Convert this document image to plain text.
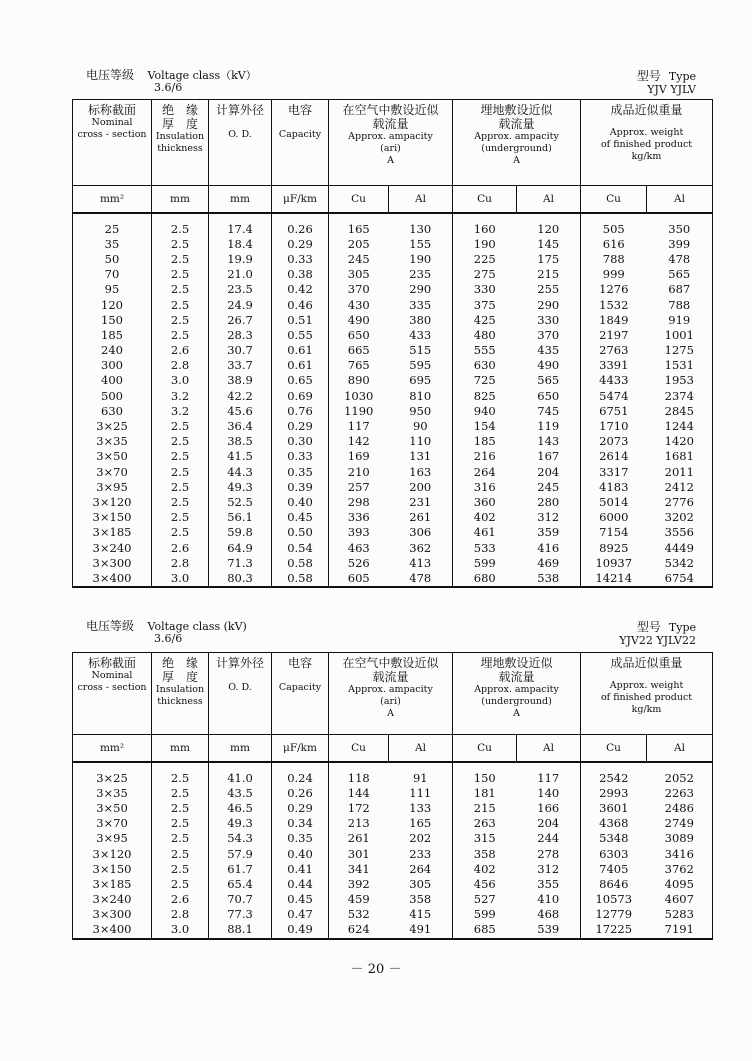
电压等级 Voltage class（kV）
3.6/6
型号 Type
YJV YJLV
标称截面
Nominal
cross - section	绝　缘
厚　度
Insulation
thickness	计算外径

O. D.	电容

Capacity	在空气中敷设近似
载流量
Approx. ampacity
(ari)
A		埋地敷设近似
载流量
Approx. ampacity
(underground)
A		成品近似重量
Approx. weight
of finished product
kg/km	

mm²	mm	mm	μF/km	Cu	Al	Cu	Al	Cu	Al
25	2.5	17.4	0.26	165	130	160	120	505	350
35	2.5	18.4	0.29	205	155	190	145	616	399
50	2.5	19.9	0.33	245	190	225	175	788	478
70	2.5	21.0	0.38	305	235	275	215	999	565
95	2.5	23.5	0.42	370	290	330	255	1276	687
120	2.5	24.9	0.46	430	335	375	290	1532	788
150	2.5	26.7	0.51	490	380	425	330	1849	919
185	2.5	28.3	0.55	650	433	480	370	2197	1001
240	2.6	30.7	0.61	665	515	555	435	2763	1275
300	2.8	33.7	0.61	765	595	630	490	3391	1531
400	3.0	38.9	0.65	890	695	725	565	4433	1953
500	3.2	42.2	0.69	1030	810	825	650	5474	2374
630	3.2	45.6	0.76	1190	950	940	745	6751	2845
3×25	2.5	36.4	0.29	117	90	154	119	1710	1244
3×35	2.5	38.5	0.30	142	110	185	143	2073	1420
3×50	2.5	41.5	0.33	169	131	216	167	2614	1681
3×70	2.5	44.3	0.35	210	163	264	204	3317	2011
3×95	2.5	49.3	0.39	257	200	316	245	4183	2412
3×120	2.5	52.5	0.40	298	231	360	280	5014	2776
3×150	2.5	56.1	0.45	336	261	402	312	6000	3202
3×185	2.5	59.8	0.50	393	306	461	359	7154	3556
3×240	2.6	64.9	0.54	463	362	533	416	8925	4449
3×300	2.8	71.3	0.58	526	413	599	469	10937	5342
3×400	3.0	80.3	0.58	605	478	680	538	14214	6754
电压等级 Voltage class (kV)
3.6/6
型号 Type
YJV22 YJLV22
标称截面
Nominal
cross - section	绝　缘
厚　度
Insulation
thickness	计算外径

O. D.	电容

Capacity	在空气中敷设近似
载流量
Approx. ampacity
(ari)
A		埋地敷设近似
载流量
Approx. ampacity
(underground)
A		成品近似重量
Approx. weight
of finished product
kg/km	
mm²	mm	mm	μF/km	Cu	Al	Cu	Al	Cu	Al
3×25	2.5	41.0	0.24	118	91	150	117	2542	2052
3×35	2.5	43.5	0.26	144	111	181	140	2993	2263
3×50	2.5	46.5	0.29	172	133	215	166	3601	2486
3×70	2.5	49.3	0.34	213	165	263	204	4368	2749
3×95	2.5	54.3	0.35	261	202	315	244	5348	3089
3×120	2.5	57.9	0.40	301	233	358	278	6303	3416
3×150	2.5	61.7	0.41	341	264	402	312	7405	3762
3×185	2.5	65.4	0.44	392	305	456	355	8646	4095
3×240	2.6	70.7	0.45	459	358	527	410	10573	4607
3×300	2.8	77.3	0.47	532	415	599	468	12779	5283
3×400	3.0	88.1	0.49	624	491	685	539	17225	7191
－ 20 －
